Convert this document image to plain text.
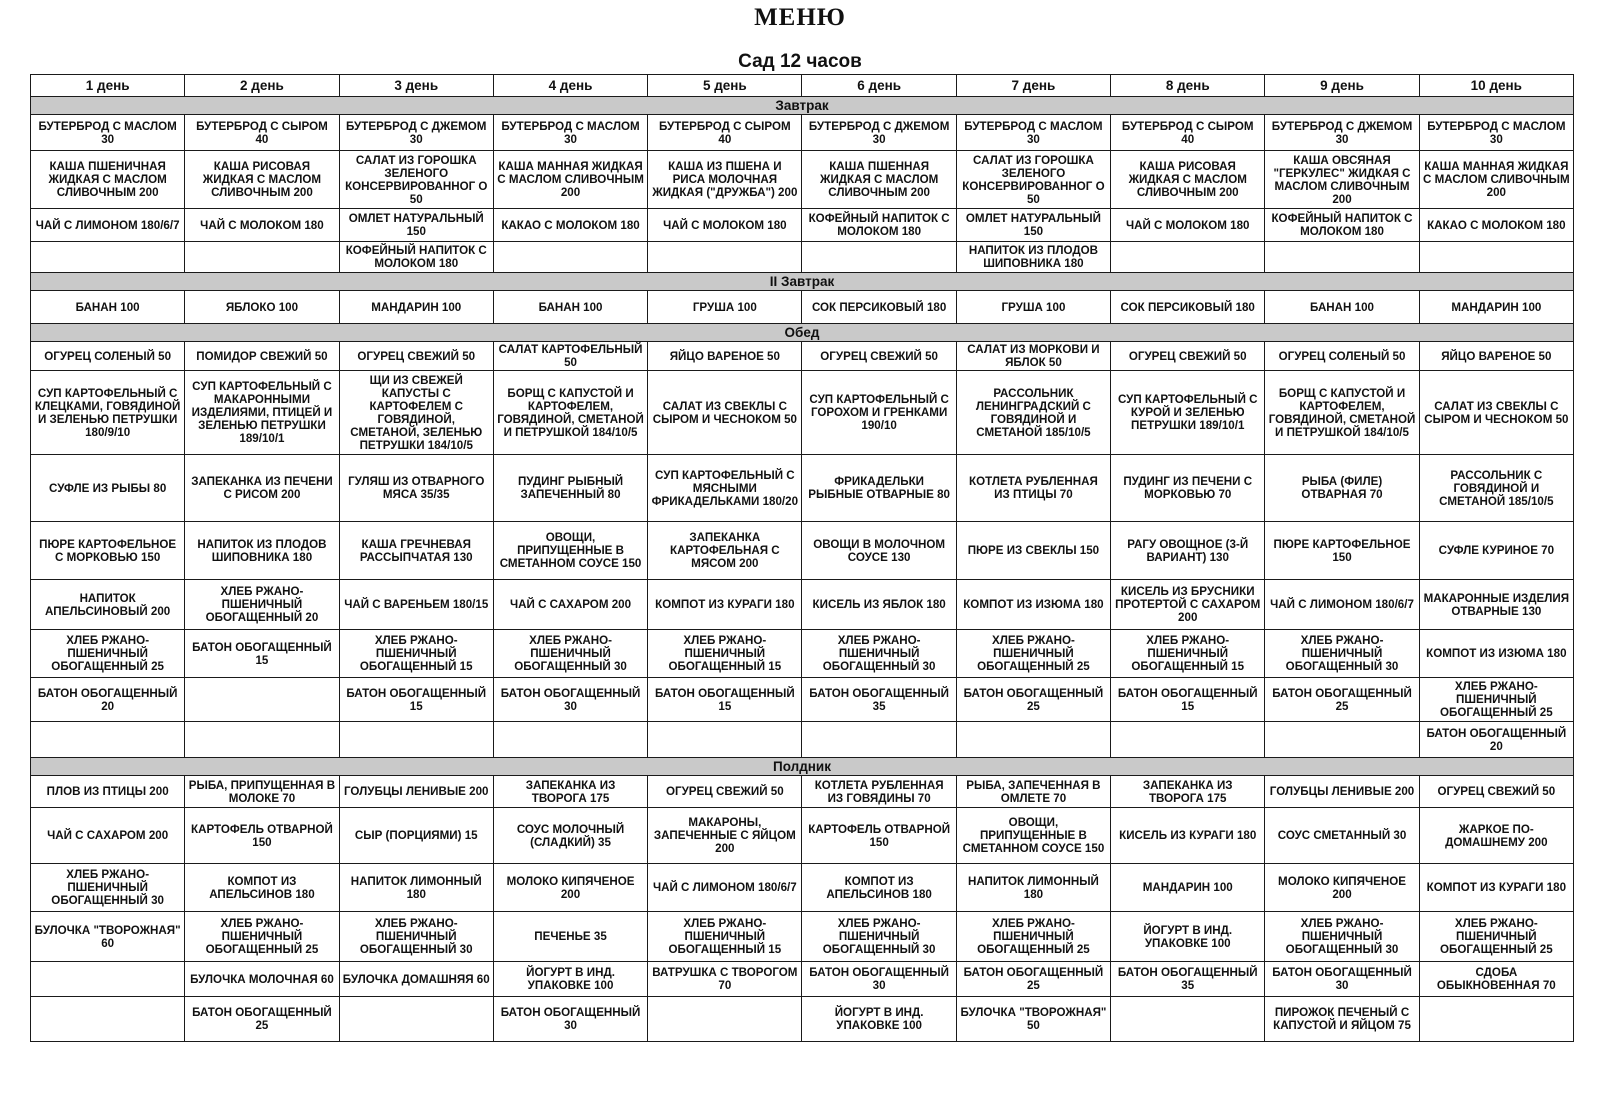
МЕНЮ
Сад 12 часов
1 день	2 день	3 день	4 день	5 день	6 день	7 день	8 день	9 день	10 день
Завтрак									
БУТЕРБРОД С МАСЛОМ 30	БУТЕРБРОД С СЫРОМ 40	БУТЕРБРОД С ДЖЕМОМ 30	БУТЕРБРОД С МАСЛОМ 30	БУТЕРБРОД С СЫРОМ 40	БУТЕРБРОД С ДЖЕМОМ 30	БУТЕРБРОД С МАСЛОМ 30	БУТЕРБРОД С СЫРОМ 40	БУТЕРБРОД С ДЖЕМОМ 30	БУТЕРБРОД С МАСЛОМ 30
КАША ПШЕНИЧНАЯ ЖИДКАЯ С МАСЛОМ СЛИВОЧНЫМ 200	КАША РИСОВАЯ ЖИДКАЯ С МАСЛОМ СЛИВОЧНЫМ 200	САЛАТ ИЗ ГОРОШКА ЗЕЛЕНОГО КОНСЕРВИРОВАННОГ О 50	КАША МАННАЯ ЖИДКАЯ С МАСЛОМ СЛИВОЧНЫМ 200	КАША ИЗ ПШЕНА И РИСА МОЛОЧНАЯ ЖИДКАЯ ("ДРУЖБА") 200	КАША ПШЕННАЯ ЖИДКАЯ С МАСЛОМ СЛИВОЧНЫМ 200	САЛАТ ИЗ ГОРОШКА ЗЕЛЕНОГО КОНСЕРВИРОВАННОГ О 50	КАША РИСОВАЯ ЖИДКАЯ С МАСЛОМ СЛИВОЧНЫМ 200	КАША ОВСЯНАЯ "ГЕРКУЛЕС" ЖИДКАЯ С МАСЛОМ СЛИВОЧНЫМ 200	КАША МАННАЯ ЖИДКАЯ С МАСЛОМ СЛИВОЧНЫМ 200
ЧАЙ С ЛИМОНОМ 180/6/7	ЧАЙ С МОЛОКОМ 180	ОМЛЕТ НАТУРАЛЬНЫЙ 150	КАКАО С МОЛОКОМ 180	ЧАЙ С МОЛОКОМ 180	КОФЕЙНЫЙ НАПИТОК С МОЛОКОМ 180	ОМЛЕТ НАТУРАЛЬНЫЙ 150	ЧАЙ С МОЛОКОМ 180	КОФЕЙНЫЙ НАПИТОК С МОЛОКОМ 180	КАКАО С МОЛОКОМ 180
		КОФЕЙНЫЙ НАПИТОК С МОЛОКОМ 180				НАПИТОК ИЗ ПЛОДОВ ШИПОВНИКА 180			
II Завтрак									
БАНАН 100	ЯБЛОКО 100	МАНДАРИН 100	БАНАН 100	ГРУША 100	СОК ПЕРСИКОВЫЙ 180	ГРУША 100	СОК ПЕРСИКОВЫЙ 180	БАНАН 100	МАНДАРИН 100
Обед									
ОГУРЕЦ СОЛЕНЫЙ 50	ПОМИДОР СВЕЖИЙ 50	ОГУРЕЦ СВЕЖИЙ 50	САЛАТ КАРТОФЕЛЬНЫЙ 50	ЯЙЦО ВАРЕНОЕ 50	ОГУРЕЦ СВЕЖИЙ 50	САЛАТ ИЗ МОРКОВИ И ЯБЛОК 50	ОГУРЕЦ СВЕЖИЙ 50	ОГУРЕЦ СОЛЕНЫЙ 50	ЯЙЦО ВАРЕНОЕ 50
СУП КАРТОФЕЛЬНЫЙ С КЛЕЦКАМИ, ГОВЯДИНОЙ И ЗЕЛЕНЬЮ ПЕТРУШКИ 180/9/10	СУП КАРТОФЕЛЬНЫЙ С МАКАРОННЫМИ ИЗДЕЛИЯМИ, ПТИЦЕЙ И ЗЕЛЕНЬЮ ПЕТРУШКИ 189/10/1	ЩИ ИЗ СВЕЖЕЙ КАПУСТЫ С КАРТОФЕЛЕМ С ГОВЯДИНОЙ, СМЕТАНОЙ, ЗЕЛЕНЬЮ ПЕТРУШКИ 184/10/5	БОРЩ С КАПУСТОЙ И КАРТОФЕЛЕМ, ГОВЯДИНОЙ, СМЕТАНОЙ И ПЕТРУШКОЙ 184/10/5	САЛАТ ИЗ СВЕКЛЫ С СЫРОМ И ЧЕСНОКОМ 50	СУП КАРТОФЕЛЬНЫЙ С ГОРОХОМ И ГРЕНКАМИ 190/10	РАССОЛЬНИК ЛЕНИНГРАДСКИЙ С ГОВЯДИНОЙ И СМЕТАНОЙ 185/10/5	СУП КАРТОФЕЛЬНЫЙ С КУРОЙ И ЗЕЛЕНЬЮ ПЕТРУШКИ 189/10/1	БОРЩ С КАПУСТОЙ И КАРТОФЕЛЕМ, ГОВЯДИНОЙ, СМЕТАНОЙ И ПЕТРУШКОЙ 184/10/5	САЛАТ ИЗ СВЕКЛЫ С СЫРОМ И ЧЕСНОКОМ 50
СУФЛЕ ИЗ РЫБЫ 80	ЗАПЕКАНКА ИЗ ПЕЧЕНИ С РИСОМ 200	ГУЛЯШ ИЗ ОТВАРНОГО МЯСА 35/35	ПУДИНГ РЫБНЫЙ ЗАПЕЧЕННЫЙ 80	СУП КАРТОФЕЛЬНЫЙ С МЯСНЫМИ ФРИКАДЕЛЬКАМИ 180/20	ФРИКАДЕЛЬКИ РЫБНЫЕ ОТВАРНЫЕ 80	КОТЛЕТА РУБЛЕННАЯ ИЗ ПТИЦЫ 70	ПУДИНГ ИЗ ПЕЧЕНИ С МОРКОВЬЮ 70	РЫБА (ФИЛЕ) ОТВАРНАЯ 70	РАССОЛЬНИК С ГОВЯДИНОЙ И СМЕТАНОЙ 185/10/5
ПЮРЕ КАРТОФЕЛЬНОЕ С МОРКОВЬЮ 150	НАПИТОК ИЗ ПЛОДОВ ШИПОВНИКА 180	КАША ГРЕЧНЕВАЯ РАССЫПЧАТАЯ 130	ОВОЩИ, ПРИПУЩЕННЫЕ В СМЕТАННОМ СОУСЕ 150	ЗАПЕКАНКА КАРТОФЕЛЬНАЯ С МЯСОМ 200	ОВОЩИ В МОЛОЧНОМ СОУСЕ 130	ПЮРЕ ИЗ СВЕКЛЫ 150	РАГУ ОВОЩНОЕ (3-Й ВАРИАНТ) 130	ПЮРЕ КАРТОФЕЛЬНОЕ 150	СУФЛЕ КУРИНОЕ 70
НАПИТОК АПЕЛЬСИНОВЫЙ 200	ХЛЕБ РЖАНО-ПШЕНИЧНЫЙ ОБОГАЩЕННЫЙ 20	ЧАЙ С ВАРЕНЬЕМ 180/15	ЧАЙ С САХАРОМ 200	КОМПОТ ИЗ КУРАГИ 180	КИСЕЛЬ ИЗ ЯБЛОК 180	КОМПОТ ИЗ ИЗЮМА 180	КИСЕЛЬ ИЗ БРУСНИКИ ПРОТЕРТОЙ С САХАРОМ 200	ЧАЙ С ЛИМОНОМ 180/6/7	МАКАРОННЫЕ ИЗДЕЛИЯ ОТВАРНЫЕ 130
ХЛЕБ РЖАНО-ПШЕНИЧНЫЙ ОБОГАЩЕННЫЙ 25	БАТОН ОБОГАЩЕННЫЙ 15	ХЛЕБ РЖАНО-ПШЕНИЧНЫЙ ОБОГАЩЕННЫЙ 15	ХЛЕБ РЖАНО-ПШЕНИЧНЫЙ ОБОГАЩЕННЫЙ 30	ХЛЕБ РЖАНО-ПШЕНИЧНЫЙ ОБОГАЩЕННЫЙ 15	ХЛЕБ РЖАНО-ПШЕНИЧНЫЙ ОБОГАЩЕННЫЙ 30	ХЛЕБ РЖАНО-ПШЕНИЧНЫЙ ОБОГАЩЕННЫЙ 25	ХЛЕБ РЖАНО-ПШЕНИЧНЫЙ ОБОГАЩЕННЫЙ 15	ХЛЕБ РЖАНО-ПШЕНИЧНЫЙ ОБОГАЩЕННЫЙ 30	КОМПОТ ИЗ ИЗЮМА 180
БАТОН ОБОГАЩЕННЫЙ 20		БАТОН ОБОГАЩЕННЫЙ 15	БАТОН ОБОГАЩЕННЫЙ 30	БАТОН ОБОГАЩЕННЫЙ 15	БАТОН ОБОГАЩЕННЫЙ 35	БАТОН ОБОГАЩЕННЫЙ 25	БАТОН ОБОГАЩЕННЫЙ 15	БАТОН ОБОГАЩЕННЫЙ 25	ХЛЕБ РЖАНО-ПШЕНИЧНЫЙ ОБОГАЩЕННЫЙ 25
									БАТОН ОБОГАЩЕННЫЙ 20
Полдник									
ПЛОВ ИЗ ПТИЦЫ 200	РЫБА, ПРИПУЩЕННАЯ В МОЛОКЕ 70	ГОЛУБЦЫ ЛЕНИВЫЕ 200	ЗАПЕКАНКА ИЗ ТВОРОГА 175	ОГУРЕЦ СВЕЖИЙ 50	КОТЛЕТА РУБЛЕННАЯ ИЗ ГОВЯДИНЫ 70	РЫБА, ЗАПЕЧЕННАЯ В ОМЛЕТЕ 70	ЗАПЕКАНКА ИЗ ТВОРОГА 175	ГОЛУБЦЫ ЛЕНИВЫЕ 200	ОГУРЕЦ СВЕЖИЙ 50
ЧАЙ С САХАРОМ 200	КАРТОФЕЛЬ ОТВАРНОЙ 150	СЫР (ПОРЦИЯМИ) 15	СОУС МОЛОЧНЫЙ (СЛАДКИЙ) 35	МАКАРОНЫ, ЗАПЕЧЕННЫЕ С ЯЙЦОМ 200	КАРТОФЕЛЬ ОТВАРНОЙ 150	ОВОЩИ, ПРИПУЩЕННЫЕ В СМЕТАННОМ СОУСЕ 150	КИСЕЛЬ ИЗ КУРАГИ 180	СОУС СМЕТАННЫЙ 30	ЖАРКОЕ ПО-ДОМАШНЕМУ 200
ХЛЕБ РЖАНО-ПШЕНИЧНЫЙ ОБОГАЩЕННЫЙ 30	КОМПОТ ИЗ АПЕЛЬСИНОВ 180	НАПИТОК ЛИМОННЫЙ 180	МОЛОКО КИПЯЧЕНОЕ 200	ЧАЙ С ЛИМОНОМ 180/6/7	КОМПОТ ИЗ АПЕЛЬСИНОВ 180	НАПИТОК ЛИМОННЫЙ 180	МАНДАРИН 100	МОЛОКО КИПЯЧЕНОЕ 200	КОМПОТ ИЗ КУРАГИ 180
БУЛОЧКА "ТВОРОЖНАЯ" 60	ХЛЕБ РЖАНО-ПШЕНИЧНЫЙ ОБОГАЩЕННЫЙ 25	ХЛЕБ РЖАНО-ПШЕНИЧНЫЙ ОБОГАЩЕННЫЙ 30	ПЕЧЕНЬЕ 35	ХЛЕБ РЖАНО-ПШЕНИЧНЫЙ ОБОГАЩЕННЫЙ 15	ХЛЕБ РЖАНО-ПШЕНИЧНЫЙ ОБОГАЩЕННЫЙ 30	ХЛЕБ РЖАНО-ПШЕНИЧНЫЙ ОБОГАЩЕННЫЙ 25	ЙОГУРТ В ИНД. УПАКОВКЕ 100	ХЛЕБ РЖАНО-ПШЕНИЧНЫЙ ОБОГАЩЕННЫЙ 30	ХЛЕБ РЖАНО-ПШЕНИЧНЫЙ ОБОГАЩЕННЫЙ 25
	БУЛОЧКА МОЛОЧНАЯ 60	БУЛОЧКА ДОМАШНЯЯ 60	ЙОГУРТ В ИНД. УПАКОВКЕ 100	ВАТРУШКА С ТВОРОГОМ 70	БАТОН ОБОГАЩЕННЫЙ 30	БАТОН ОБОГАЩЕННЫЙ 25	БАТОН ОБОГАЩЕННЫЙ 35	БАТОН ОБОГАЩЕННЫЙ 30	СДОБА ОБЫКНОВЕННАЯ 70
	БАТОН ОБОГАЩЕННЫЙ 25		БАТОН ОБОГАЩЕННЫЙ 30		ЙОГУРТ В ИНД. УПАКОВКЕ 100	БУЛОЧКА "ТВОРОЖНАЯ" 50		ПИРОЖОК ПЕЧЕНЫЙ С КАПУСТОЙ И ЯЙЦОМ 75	
